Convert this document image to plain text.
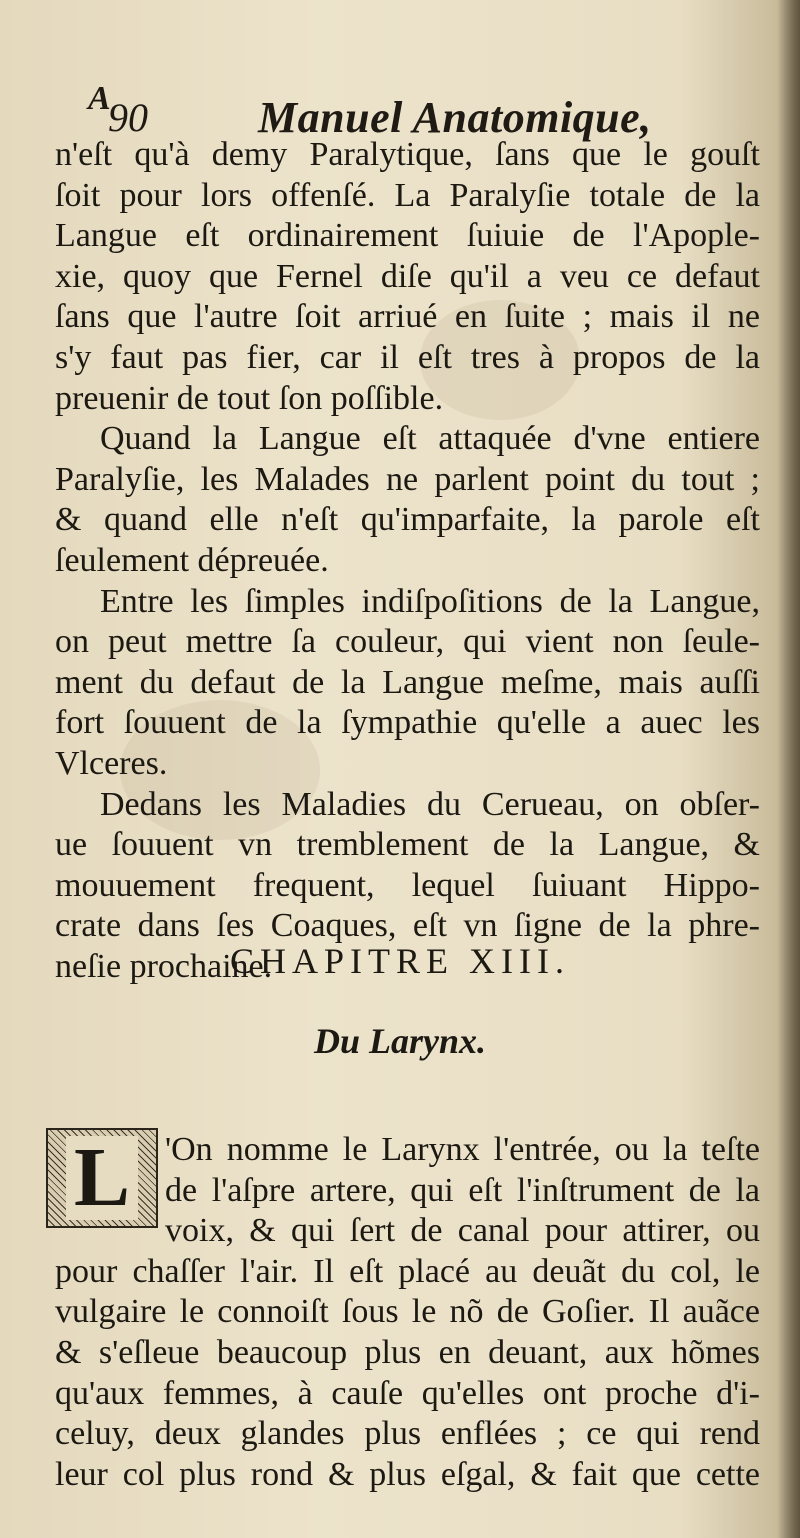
A
90	Manuel Anatomique,
n'eſt qu'à demy Paralytique, ſans que le gouſt
ſoit pour lors offenſé. La Paralyſie totale de la
Langue eſt ordinairement ſuiuie de l'Apople-
xie, quoy que Fernel diſe qu'il a veu ce defaut
ſans que l'autre ſoit arriué en ſuite ; mais il ne
s'y faut pas fier, car il eſt tres à propos de la
preuenir de tout ſon poſſible.
Quand la Langue eſt attaquée d'vne entiere
Paralyſie, les Malades ne parlent point du tout ;
& quand elle n'eſt qu'imparfaite, la parole eſt
ſeulement dépreuée.
Entre les ſimples indiſpoſitions de la Langue,
on peut mettre ſa couleur, qui vient non ſeule-
ment du defaut de la Langue meſme, mais auſſi
fort ſouuent de la ſympathie qu'elle a auec les
Vlceres.
Dedans les Maladies du Cerueau, on obſer-
ue ſouuent vn tremblement de la Langue, &
mouuement frequent, lequel ſuiuant Hippo-
crate dans ſes Coaques, eſt vn ſigne de la phre-
neſie prochaine.
CHAPITRE XIII.
Du Larynx.
L	'On nomme le Larynx l'entrée, ou la teſte
de l'aſpre artere, qui eſt l'inſtrument de la
voix, & qui ſert de canal pour attirer, ou
pour chaſſer l'air. Il eſt placé au deuãt du col, le
vulgaire le connoiſt ſous le nõ de Goſier. Il auãce
& s'eſleue beaucoup plus en deuant, aux hõmes
qu'aux femmes, à cauſe qu'elles ont proche d'i-
celuy, deux glandes plus enflées ; ce qui rend
leur col plus rond & plus eſgal, & fait que cette
